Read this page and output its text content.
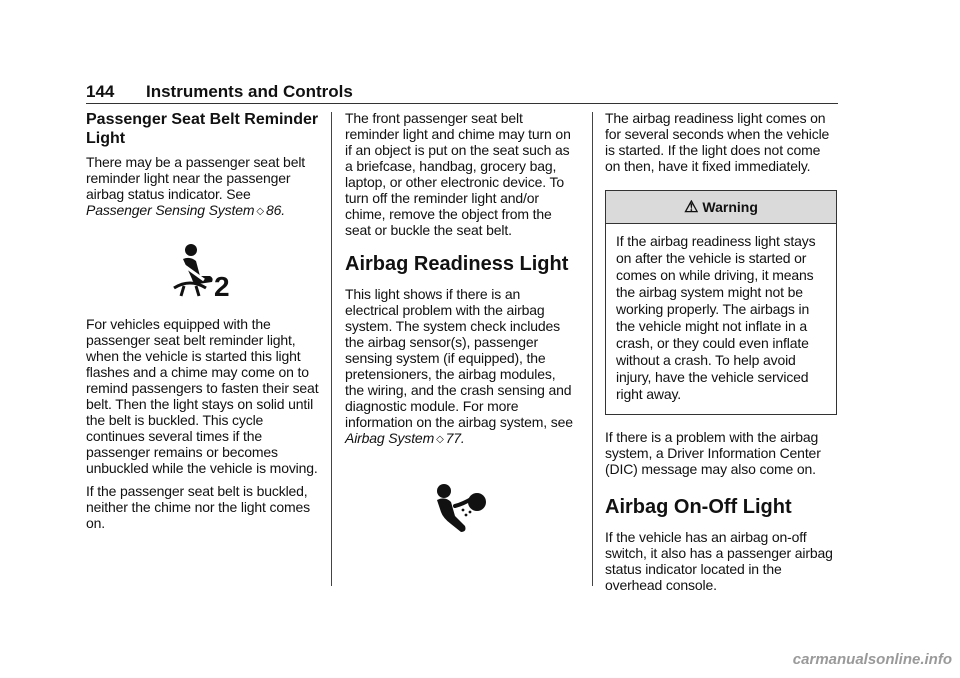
144 Instruments and Controls
Passenger Seat Belt Reminder Light

There may be a passenger seat belt reminder light near the passenger airbag status indicator. See
Passenger Sensing System ◇ 86.

2

For vehicles equipped with the passenger seat belt reminder light, when the vehicle is started this light flashes and a chime may come on to remind passengers to fasten their seat belt. Then the light stays on solid until the belt is buckled. This cycle continues several times if the passenger remains or becomes unbuckled while the vehicle is moving.

If the passenger seat belt is buckled, neither the chime nor the light comes on.

The front passenger seat belt reminder light and chime may turn on if an object is put on the seat such as a briefcase, handbag, grocery bag, laptop, or other electronic device. To turn off the reminder light and/or chime, remove the object from the seat or buckle the seat belt.

Airbag Readiness Light

This light shows if there is an electrical problem with the airbag system. The system check includes the airbag sensor(s), passenger sensing system (if equipped), the pretensioners, the airbag modules, the wiring, and the crash sensing and diagnostic module. For more information on the airbag system, see Airbag System ◇ 77.

The airbag readiness light comes on for several seconds when the vehicle is started. If the light does not come on then, have it fixed immediately.

⚠ Warning

If the airbag readiness light stays on after the vehicle is started or comes on while driving, it means the airbag system might not be working properly. The airbags in the vehicle might not inflate in a crash, or they could even inflate without a crash. To help avoid injury, have the vehicle serviced right away.

If there is a problem with the airbag system, a Driver Information Center (DIC) message may also come on.

Airbag On-Off Light

If the vehicle has an airbag on-off switch, it also has a passenger airbag status indicator located in the overhead console.

carmanualsonline.info
